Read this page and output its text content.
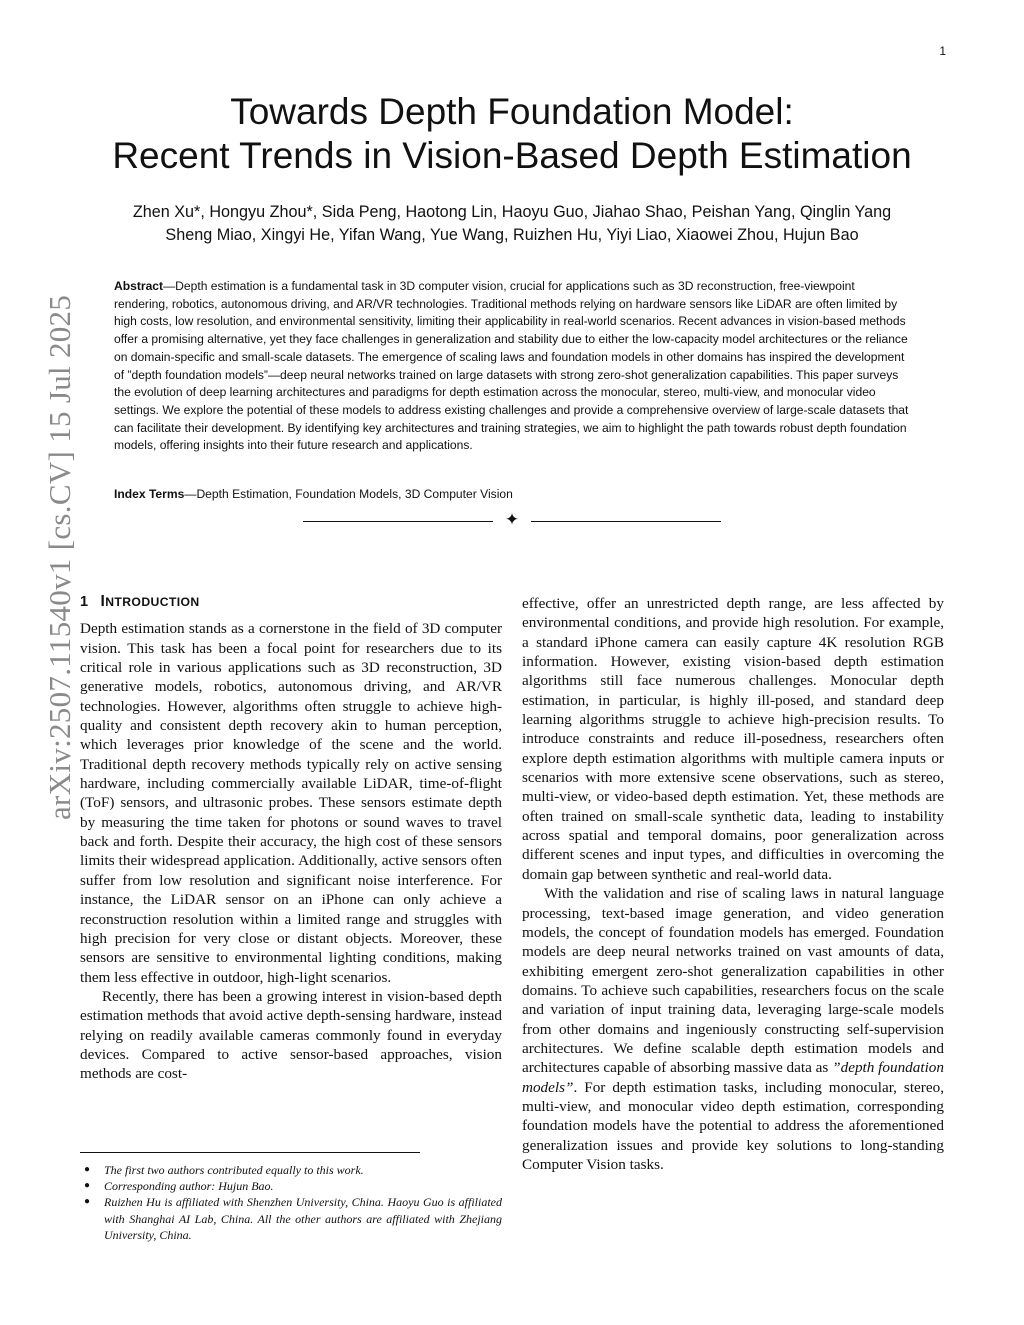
1
arXiv:2507.11540v1 [cs.CV] 15 Jul 2025
Towards Depth Foundation Model:
Recent Trends in Vision-Based Depth Estimation
Zhen Xu*, Hongyu Zhou*, Sida Peng, Haotong Lin, Haoyu Guo, Jiahao Shao, Peishan Yang, Qinglin Yang
Sheng Miao, Xingyi He, Yifan Wang, Yue Wang, Ruizhen Hu, Yiyi Liao, Xiaowei Zhou, Hujun Bao
Abstract—Depth estimation is a fundamental task in 3D computer vision, crucial for applications such as 3D reconstruction, free-viewpoint rendering, robotics, autonomous driving, and AR/VR technologies. Traditional methods relying on hardware sensors like LiDAR are often limited by high costs, low resolution, and environmental sensitivity, limiting their applicability in real-world scenarios. Recent advances in vision-based methods offer a promising alternative, yet they face challenges in generalization and stability due to either the low-capacity model architectures or the reliance on domain-specific and small-scale datasets. The emergence of scaling laws and foundation models in other domains has inspired the development of ”depth foundation models”—deep neural networks trained on large datasets with strong zero-shot generalization capabilities. This paper surveys the evolution of deep learning architectures and paradigms for depth estimation across the monocular, stereo, multi-view, and monocular video settings. We explore the potential of these models to address existing challenges and provide a comprehensive overview of large-scale datasets that can facilitate their development. By identifying key architectures and training strategies, we aim to highlight the path towards robust depth foundation models, offering insights into their future research and applications.
Index Terms—Depth Estimation, Foundation Models, 3D Computer Vision
✦
1 INTRODUCTION

Depth estimation stands as a cornerstone in the field of 3D computer vision. This task has been a focal point for researchers due to its critical role in various applications such as 3D reconstruction, 3D generative models, robotics, autonomous driving, and AR/VR technologies. However, algorithms often struggle to achieve high-quality and consistent depth recovery akin to human perception, which leverages prior knowledge of the scene and the world. Traditional depth recovery methods typically rely on active sensing hardware, including commercially available LiDAR, time-of-flight (ToF) sensors, and ultrasonic probes. These sensors estimate depth by measuring the time taken for photons or sound waves to travel back and forth. Despite their accuracy, the high cost of these sensors limits their widespread application. Additionally, active sensors often suffer from low resolution and significant noise interference. For instance, the LiDAR sensor on an iPhone can only achieve a reconstruction resolution within a limited range and struggles with high precision for very close or distant objects. Moreover, these sensors are sensitive to environmental lighting conditions, making them less effective in outdoor, high-light scenarios.

Recently, there has been a growing interest in vision-based depth estimation methods that avoid active depth-sensing hardware, instead relying on readily available cameras commonly found in everyday devices. Compared to active sensor-based approaches, vision methods are cost-

effective, offer an unrestricted depth range, are less affected by environmental conditions, and provide high resolution. For example, a standard iPhone camera can easily capture 4K resolution RGB information. However, existing vision-based depth estimation algorithms still face numerous challenges. Monocular depth estimation, in particular, is highly ill-posed, and standard deep learning algorithms struggle to achieve high-precision results. To introduce constraints and reduce ill-posedness, researchers often explore depth estimation algorithms with multiple camera inputs or scenarios with more extensive scene observations, such as stereo, multi-view, or video-based depth estimation. Yet, these methods are often trained on small-scale synthetic data, leading to instability across spatial and temporal domains, poor generalization across different scenes and input types, and difficulties in overcoming the domain gap between synthetic and real-world data.

With the validation and rise of scaling laws in natural language processing, text-based image generation, and video generation models, the concept of foundation models has emerged. Foundation models are deep neural networks trained on vast amounts of data, exhibiting emergent zero-shot generalization capabilities in other domains. To achieve such capabilities, researchers focus on the scale and variation of input training data, leveraging large-scale models from other domains and ingeniously constructing self-supervision architectures. We define scalable depth estimation models and architectures capable of absorbing massive data as ”depth foundation models”. For depth estimation tasks, including monocular, stereo, multi-view, and monocular video depth estimation, corresponding foundation models have the potential to address the aforementioned generalization issues and provide key solutions to long-standing Computer Vision tasks.

● The first two authors contributed equally to this work.
● Corresponding author: Hujun Bao.
● Ruizhen Hu is affiliated with Shenzhen University, China. Haoyu Guo is affiliated with Shanghai AI Lab, China. All the other authors are affiliated with Zhejiang University, China.
